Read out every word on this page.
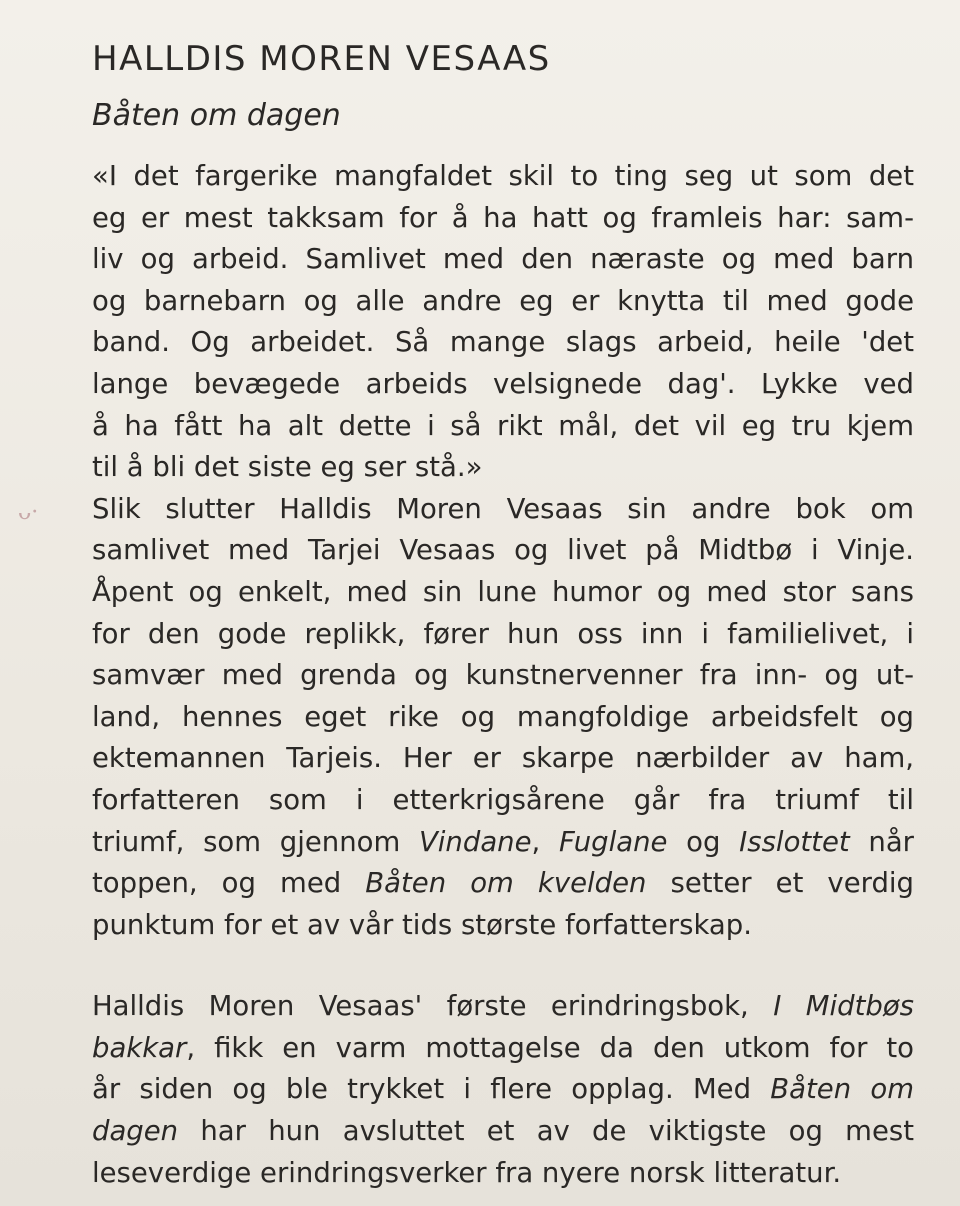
ᴗ·
HALLDIS MOREN VESAAS
Båten om dagen
«I det fargerike mangfaldet skil to ting seg ut som det
eg er mest takksam for å ha hatt og framleis har: sam-
liv og arbeid. Samlivet med den næraste og med barn
og barnebarn og alle andre eg er knytta til med gode
band. Og arbeidet. Så mange slags arbeid, heile 'det
lange bevægede arbeids velsignede dag'. Lykke ved
å ha fått ha alt dette i så rikt mål, det vil eg tru kjem
til å bli det siste eg ser stå.»
Slik slutter Halldis Moren Vesaas sin andre bok om
samlivet med Tarjei Vesaas og livet på Midtbø i Vinje.
Åpent og enkelt, med sin lune humor og med stor sans
for den gode replikk, fører hun oss inn i familielivet, i
samvær med grenda og kunstnervenner fra inn- og ut-
land, hennes eget rike og mangfoldige arbeidsfelt og
ektemannen Tarjeis. Her er skarpe nærbilder av ham,
forfatteren som i etterkrigsårene går fra triumf til
triumf, som gjennom Vindane, Fuglane og Isslottet når
toppen, og med Båten om kvelden setter et verdig
punktum for et av vår tids største forfatterskap.
Halldis Moren Vesaas' første erindringsbok, I Midtbøs
bakkar, fikk en varm mottagelse da den utkom for to
år siden og ble trykket i flere opplag. Med Båten om
dagen har hun avsluttet et av de viktigste og mest
leseverdige erindringsverker fra nyere norsk litteratur.
